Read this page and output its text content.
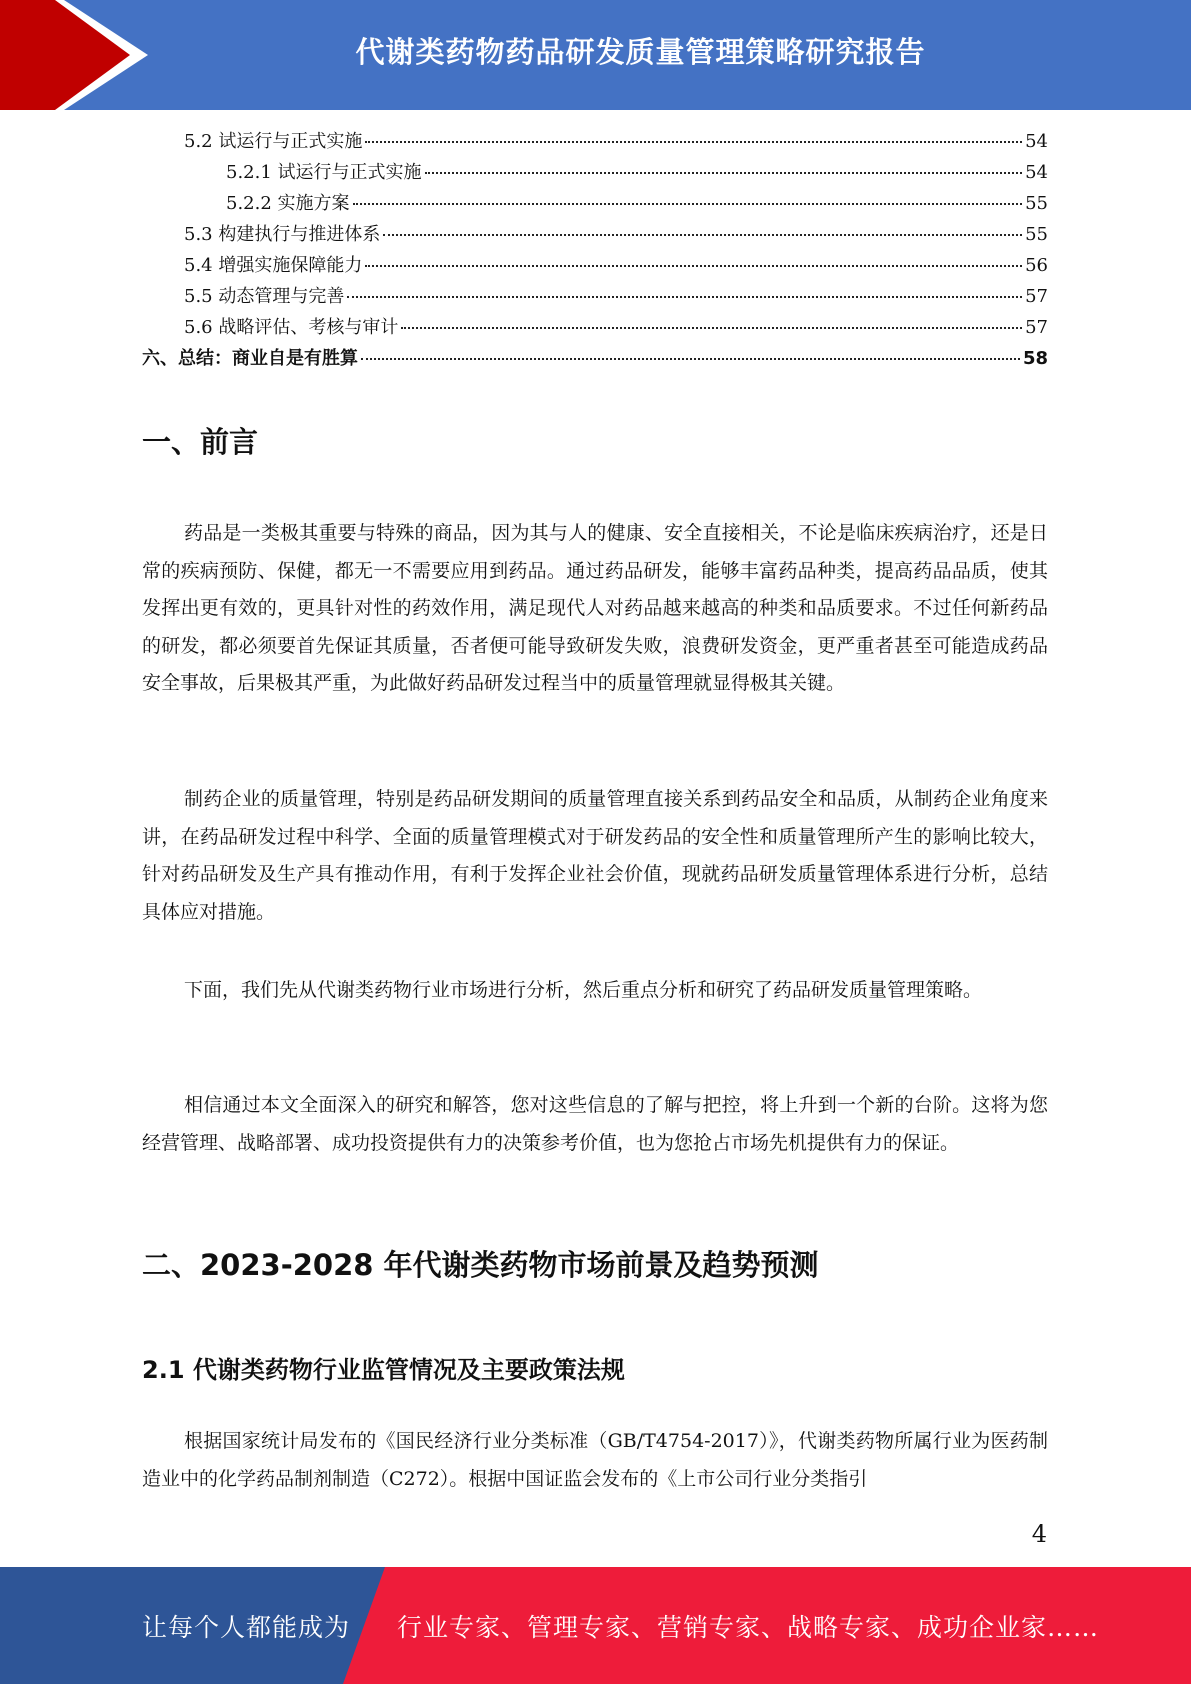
代谢类药物药品研发质量管理策略研究报告
5.2 试运行与正式实施	54
5.2.1 试运行与正式实施	54
5.2.2 实施方案	55
5.3 构建执行与推进体系	55
5.4 增强实施保障能力	56
5.5 动态管理与完善	57
5.6 战略评估、考核与审计	57
六、总结：商业自是有胜算	58
一、前言

药品是一类极其重要与特殊的商品，因为其与人的健康、安全直接相关，不论是临床疾病治疗，还是日常的疾病预防、保健，都无一不需要应用到药品。通过药品研发，能够丰富药品种类，提高药品品质，使其发挥出更有效的，更具针对性的药效作用，满足现代人对药品越来越高的种类和品质要求。不过任何新药品的研发，都必须要首先保证其质量，否者便可能导致研发失败，浪费研发资金，更严重者甚至可能造成药品安全事故，后果极其严重，为此做好药品研发过程当中的质量管理就显得极其关键。

制药企业的质量管理，特别是药品研发期间的质量管理直接关系到药品安全和品质，从制药企业角度来讲，在药品研发过程中科学、全面的质量管理模式对于研发药品的安全性和质量管理所产生的影响比较大，针对药品研发及生产具有推动作用，有利于发挥企业社会价值，现就药品研发质量管理体系进行分析，总结具体应对措施。

下面，我们先从代谢类药物行业市场进行分析，然后重点分析和研究了药品研发质量管理策略。

相信通过本文全面深入的研究和解答，您对这些信息的了解与把控，将上升到一个新的台阶。这将为您经营管理、战略部署、成功投资提供有力的决策参考价值，也为您抢占市场先机提供有力的保证。

二、2023-2028 年代谢类药物市场前景及趋势预测
2.1 代谢类药物行业监管情况及主要政策法规

根据国家统计局发布的《国民经济行业分类标准（GB/T4754-2017）》，代谢类药物所属行业为医药制造业中的化学药品制剂制造（C272）。根据中国证监会发布的《上市公司行业分类指引

4
让每个人都能成为 行业专家、管理专家、营销专家、战略专家、成功企业家……
